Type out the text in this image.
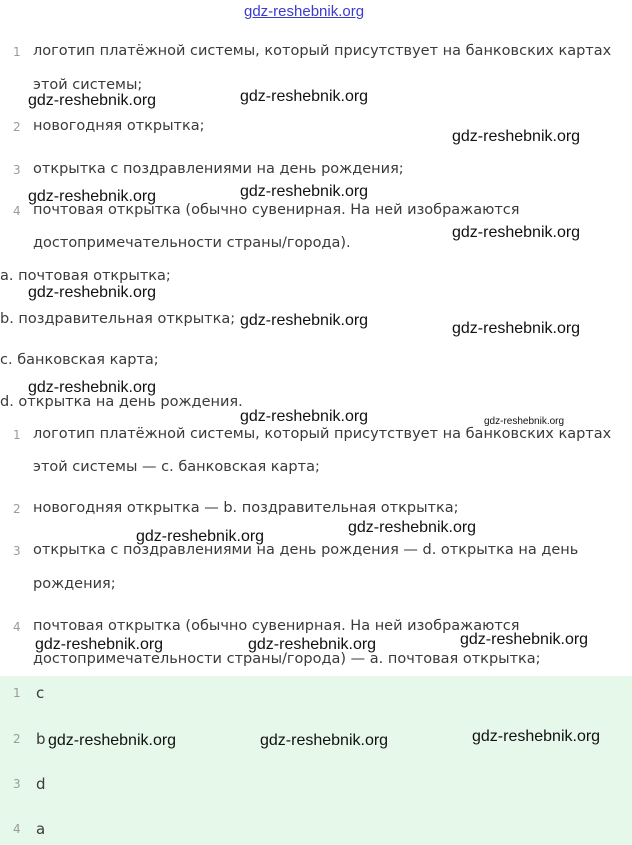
gdz-reshebnik.org
1 логотип платёжной системы, который присутствует на банковских картах
этой системы;
2 новогодняя открытка;
3 открытка с поздравлениями на день рождения;
4 почтовая открытка (обычно сувенирная. На ней изображаются
достопримечательности страны/города).
a. почтовая открытка;
b. поздравительная открытка;
c. банковская карта;
d. открытка на день рождения.
1 логотип платёжной системы, который присутствует на банковских картах
этой системы — c. банковская карта;
2 новогодняя открытка — b. поздравительная открытка;
3 открытка с поздравлениями на день рождения — d. открытка на день
рождения;
4 почтовая открытка (обычно сувенирная. На ней изображаются
достопримечательности страны/города) — a. почтовая открытка;
1 c
2 b
3 d
4 a
gdz-reshebnik.org	gdz-reshebnik.org
gdz-reshebnik.org
gdz-reshebnik.org	gdz-reshebnik.org
gdz-reshebnik.org
gdz-reshebnik.org
gdz-reshebnik.org	gdz-reshebnik.org
gdz-reshebnik.org
gdz-reshebnik.org	gdz-reshebnik.org
gdz-reshebnik.org
gdz-reshebnik.org
gdz-reshebnik.org	gdz-reshebnik.org	gdz-reshebnik.org
gdz-reshebnik.org	gdz-reshebnik.org	gdz-reshebnik.org
